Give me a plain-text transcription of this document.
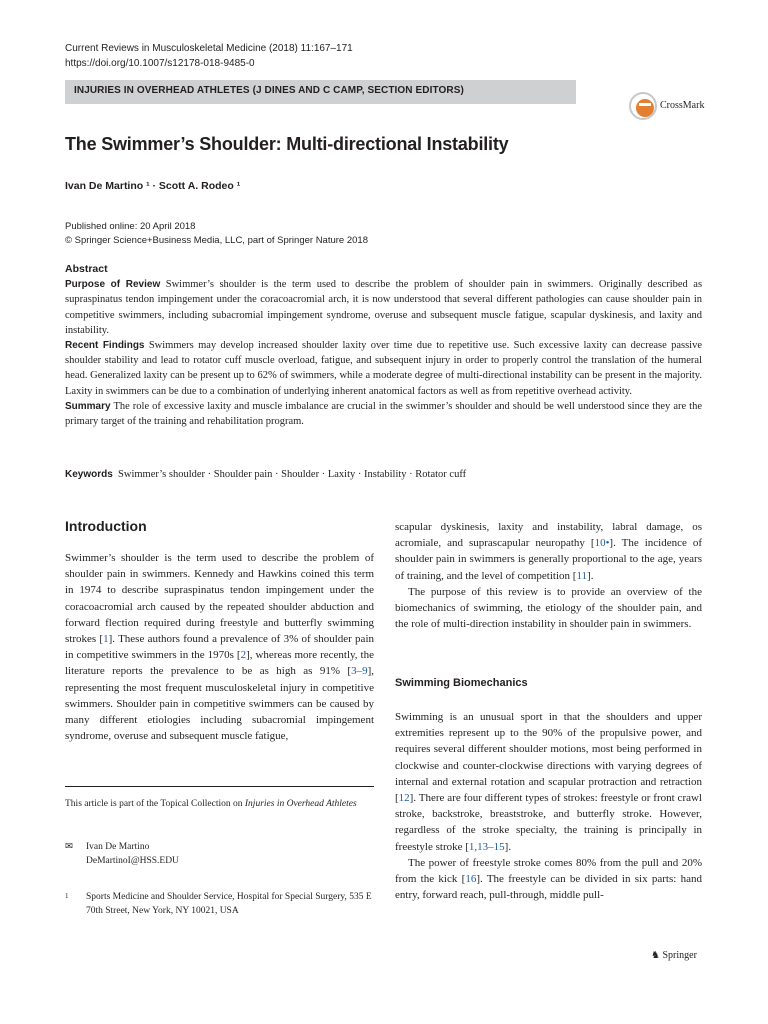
Current Reviews in Musculoskeletal Medicine (2018) 11:167–171
https://doi.org/10.1007/s12178-018-9485-0
INJURIES IN OVERHEAD ATHLETES (J DINES AND C CAMP, SECTION EDITORS)
CrossMark
The Swimmer’s Shoulder: Multi-directional Instability
Ivan De Martino ¹ · Scott A. Rodeo ¹
Published online: 20 April 2018
© Springer Science+Business Media, LLC, part of Springer Nature 2018
Abstract

Purpose of Review Swimmer’s shoulder is the term used to describe the problem of shoulder pain in swimmers. Originally described as supraspinatus tendon impingement under the coracoacromial arch, it is now understood that several different pathologies can cause shoulder pain in competitive swimmers, including subacromial impingement syndrome, overuse and subsequent muscle fatigue, scapular dyskinesis, and laxity and instability.

Recent Findings Swimmers may develop increased shoulder laxity over time due to repetitive use. Such excessive laxity can decrease passive shoulder stability and lead to rotator cuff muscle overload, fatigue, and subsequent injury in order to properly control the translation of the humeral head. Generalized laxity can be present up to 62% of swimmers, while a moderate degree of multi-directional instability can be present in the majority. Laxity in swimmers can be due to a combination of underlying inherent anatomical factors as well as from repetitive overhead activity.

Summary The role of excessive laxity and muscle imbalance are crucial in the swimmer’s shoulder and should be well understood since they are the primary target of the training and rehabilitation program.

Keywords Swimmer’s shoulder · Shoulder pain · Shoulder · Laxity · Instability · Rotator cuff
Introduction

Swimmer’s shoulder is the term used to describe the problem of shoulder pain in swimmers. Kennedy and Hawkins coined this term in 1974 to describe supraspinatus tendon impingement under the coracoacromial arch caused by the repeated shoulder abduction and forward flection required during freestyle and butterfly swimming strokes [1]. These authors found a prevalence of 3% of shoulder pain in competitive swimmers in the 1970s [2], whereas more recently, the literature reports the prevalence to be as high as 91% [3–9], representing the most frequent musculoskeletal injury in competitive swimmers. Shoulder pain in competitive swimmers can be caused by many different etiologies including subacromial impingement syndrome, overuse and subsequent muscle fatigue,

This article is part of the Topical Collection on Injuries in Overhead Athletes
✉ Ivan De Martino
DeMartinoI@HSS.EDU
1 Sports Medicine and Shoulder Service, Hospital for Special Surgery, 535 E 70th Street, New York, NY 10021, USA

scapular dyskinesis, laxity and instability, labral damage, os acromiale, and suprascapular neuropathy [10•]. The incidence of shoulder pain in swimmers is generally proportional to the age, years of training, and the level of competition [11].

The purpose of this review is to provide an overview of the biomechanics of swimming, the etiology of the shoulder pain, and the role of multi-direction instability in shoulder pain in swimmers.

Swimming Biomechanics

Swimming is an unusual sport in that the shoulders and upper extremities represent up to the 90% of the propulsive power, and requires several different shoulder motions, most being performed in clockwise and counter-clockwise directions with varying degrees of internal and external rotation and scapular protraction and retraction [12]. There are four different types of strokes: freestyle or front crawl stroke, backstroke, breaststroke, and butterfly stroke. However, regardless of the stroke specialty, the training is principally in freestyle stroke [1,13–15].

The power of freestyle stroke comes 80% from the pull and 20% from the kick [16]. The freestyle can be divided in six parts: hand entry, forward reach, pull-through, middle pull-

♞ Springer
